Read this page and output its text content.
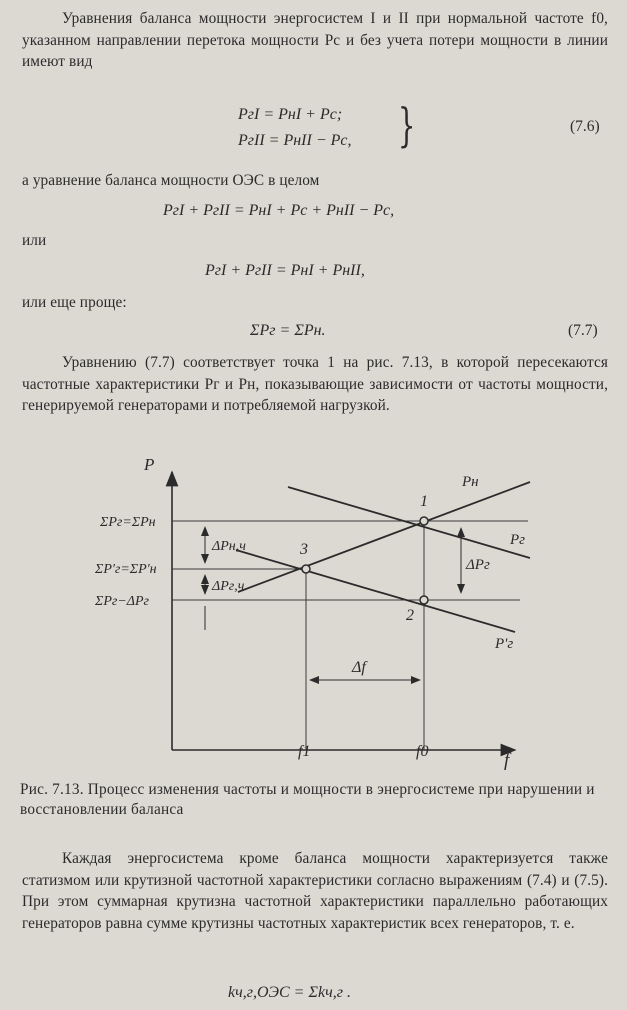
Уравнения баланса мощности энергосистем I и II при нормальной частоте f0, указанном направлении перетока мощности Pc и без учета потери мощности в линии имеют вид
PгI = PнI + Pс;
PгII = PнII − Pс, }	(7.6)
а уравнение баланса мощности ОЭС в целом
PгI + PгII = PнI + Pс + PнII − Pс,
или
PгI + PгII = PнI + PнII,
или еще проще:
ΣPг = ΣPн.	(7.7)
Уравнению (7.7) соответствует точка 1 на рис. 7.13, в которой пересекаются частотные характеристики Pг и Pн, показывающие зависимости от частоты мощности, генерируемой генераторами и потребляемой нагрузкой.
P
f
ΣPг=ΣPн
ΣP'г=ΣP'н
ΣPг−ΔPг
Pн
Pг
P'г
1
2
3
ΔPн,ч
ΔPг,ч
ΔPг
Δf
f1	f0
Рис. 7.13. Процесс изменения частоты и мощности в энергосистеме при нарушении и восстановлении баланса
Каждая энергосистема кроме баланса мощности характеризуется также статизмом или крутизной частотной характеристики согласно выражениям (7.4) и (7.5). При этом суммарная крутизна частотной характеристики параллельно работающих генераторов равна сумме крутизны частотных характеристик всех генераторов, т. е.
kч,г,ОЭС = Σkч,г .
